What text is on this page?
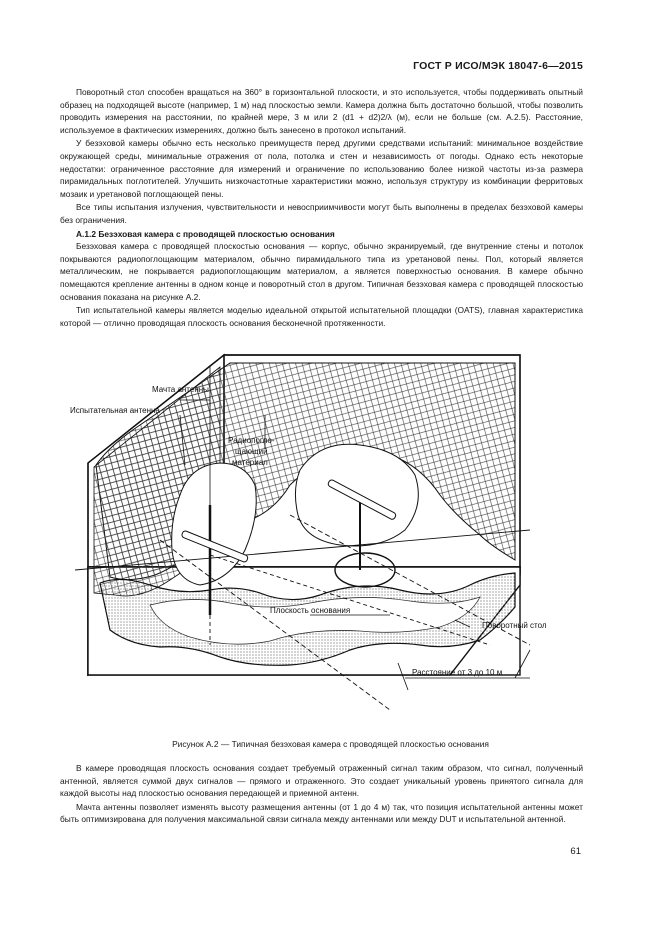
ГОСТ Р ИСО/МЭК 18047-6—2015

Поворотный стол способен вращаться на 360° в горизонтальной плоскости, и это используется, чтобы поддерживать опытный образец на подходящей высоте (например, 1 м) над плоскостью земли. Камера должна быть достаточно большой, чтобы позволить проводить измерения на расстоянии, по крайней мере, 3 м или 2 (d1 + d2)2/λ (м), если не больше (см. А.2.5). Расстояние, используемое в фактических измерениях, должно быть занесено в протокол испытаний.

У безэховой камеры обычно есть несколько преимуществ перед другими средствами испытаний: минимальное воздействие окружающей среды, минимальные отражения от пола, потолка и стен и независимость от погоды. Однако есть некоторые недостатки: ограниченное расстояние для измерений и ограничение по использованию более низкой частоты из-за размера пирамидальных поглотителей. Улучшить низкочастотные характеристики можно, используя структуру из комбинации ферритовых мозаик и уретановой поглощающей пены.

Все типы испытания излучения, чувствительности и невосприимчивости могут быть выполнены в пределах безэховой камеры без ограничения.

А.1.2 Безэховая камера с проводящей плоскостью основания

Безэховая камера с проводящей плоскостью основания — корпус, обычно экранируемый, где внутренние стены и потолок покрываются радиопоглощающим материалом, обычно пирамидального типа из уретановой пены. Пол, который является металлическим, не покрывается радиопоглощающим материалом, а является поверхностью основания. В камере обычно помещаются крепление антенны в одном конце и поворотный стол в другом. Типичная безэховая камера с проводящей плоскостью основания показана на рисунке А.2.

Тип испытательной камеры является моделью идеальной открытой испытательной площадки (OATS), главная характеристика которой — отлично проводящая плоскость основания бесконечной протяженности.

Мачта антенны
Испытательная антенна
Радиопогло-
щающий
материал
Плоскость основания
Поворотный стол
Расстояние от 3 до 10 м
Рисунок А.2 — Типичная безэховая камера с проводящей плоскостью основания

В камере проводящая плоскость основания создает требуемый отраженный сигнал таким образом, что сигнал, полученный антенной, является суммой двух сигналов — прямого и отраженного. Это создает уникальный уровень принятого сигнала для каждой высоты над плоскостью основания передающей и приемной антенн.

Мачта антенны позволяет изменять высоту размещения антенны (от 1 до 4 м) так, что позиция испытательной антенны может быть оптимизирована для получения максимальной связи сигнала между антеннами или между DUT и испытательной антенной.

61
